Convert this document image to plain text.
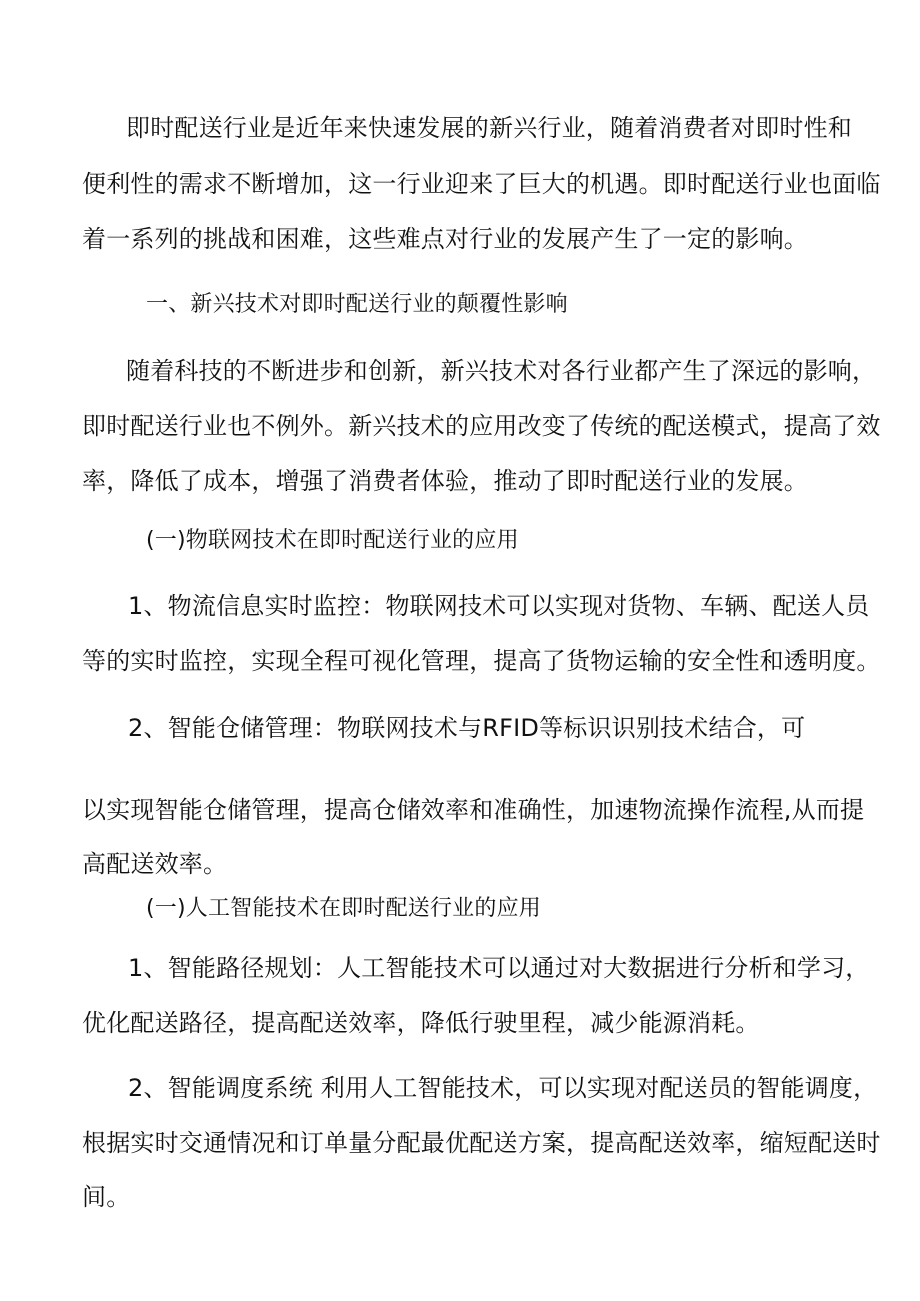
即时配送行业是近年来快速发展的新兴行业，随着消费者对即时性和
便利性的需求不断增加，这一行业迎来了巨大的机遇。即时配送行业也面临
着一系列的挑战和困难，这些难点对行业的发展产生了一定的影响。
一、新兴技术对即时配送行业的颠覆性影响
随着科技的不断进步和创新，新兴技术对各行业都产生了深远的影响，
即时配送行业也不例外。新兴技术的应用改变了传统的配送模式，提高了效
率，降低了成本，增强了消费者体验，推动了即时配送行业的发展。
(一)物联网技术在即时配送行业的应用
1、物流信息实时监控：物联网技术可以实现对货物、车辆、配送人员
等的实时监控，实现全程可视化管理，提高了货物运输的安全性和透明度。
2、智能仓储管理：物联网技术与RFID等标识识别技术结合，可
以实现智能仓储管理，提高仓储效率和准确性，加速物流操作流程,从而提
高配送效率。
(一)人工智能技术在即时配送行业的应用
1、智能路径规划：人工智能技术可以通过对大数据进行分析和学习，
优化配送路径，提高配送效率，降低行驶里程，减少能源消耗。
2、智能调度系统 利用人工智能技术，可以实现对配送员的智能调度，
根据实时交通情况和订单量分配最优配送方案，提高配送效率，缩短配送时
间。
